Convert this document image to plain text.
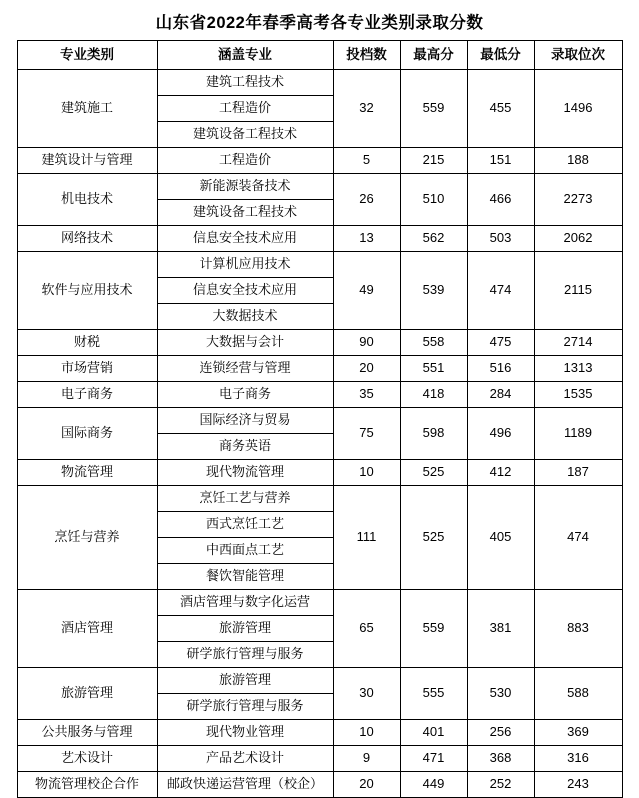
山东省2022年春季高考各专业类别录取分数
专业类别	涵盖专业	投档数	最高分	最低分	录取位次
建筑施工	建筑工程技术	32	559	455	1496
	工程造价				
	建筑设备工程技术				
建筑设计与管理	工程造价	5	215	151	188
机电技术	新能源装备技术	26	510	466	2273
	建筑设备工程技术				
网络技术	信息安全技术应用	13	562	503	2062
软件与应用技术	计算机应用技术	49	539	474	2115
	信息安全技术应用				
	大数据技术				
财税	大数据与会计	90	558	475	2714
市场营销	连锁经营与管理	20	551	516	1313
电子商务	电子商务	35	418	284	1535
国际商务	国际经济与贸易	75	598	496	1189
	商务英语				
物流管理	现代物流管理	10	525	412	187
烹饪与营养	烹饪工艺与营养	111	525	405	474
	西式烹饪工艺				
	中西面点工艺				
	餐饮智能管理				
酒店管理	酒店管理与数字化运营	65	559	381	883
	旅游管理				
	研学旅行管理与服务				
旅游管理	旅游管理	30	555	530	588
	研学旅行管理与服务				
公共服务与管理	现代物业管理	10	401	256	369
艺术设计	产品艺术设计	9	471	368	316
物流管理校企合作	邮政快递运营管理（校企）	20	449	252	243
